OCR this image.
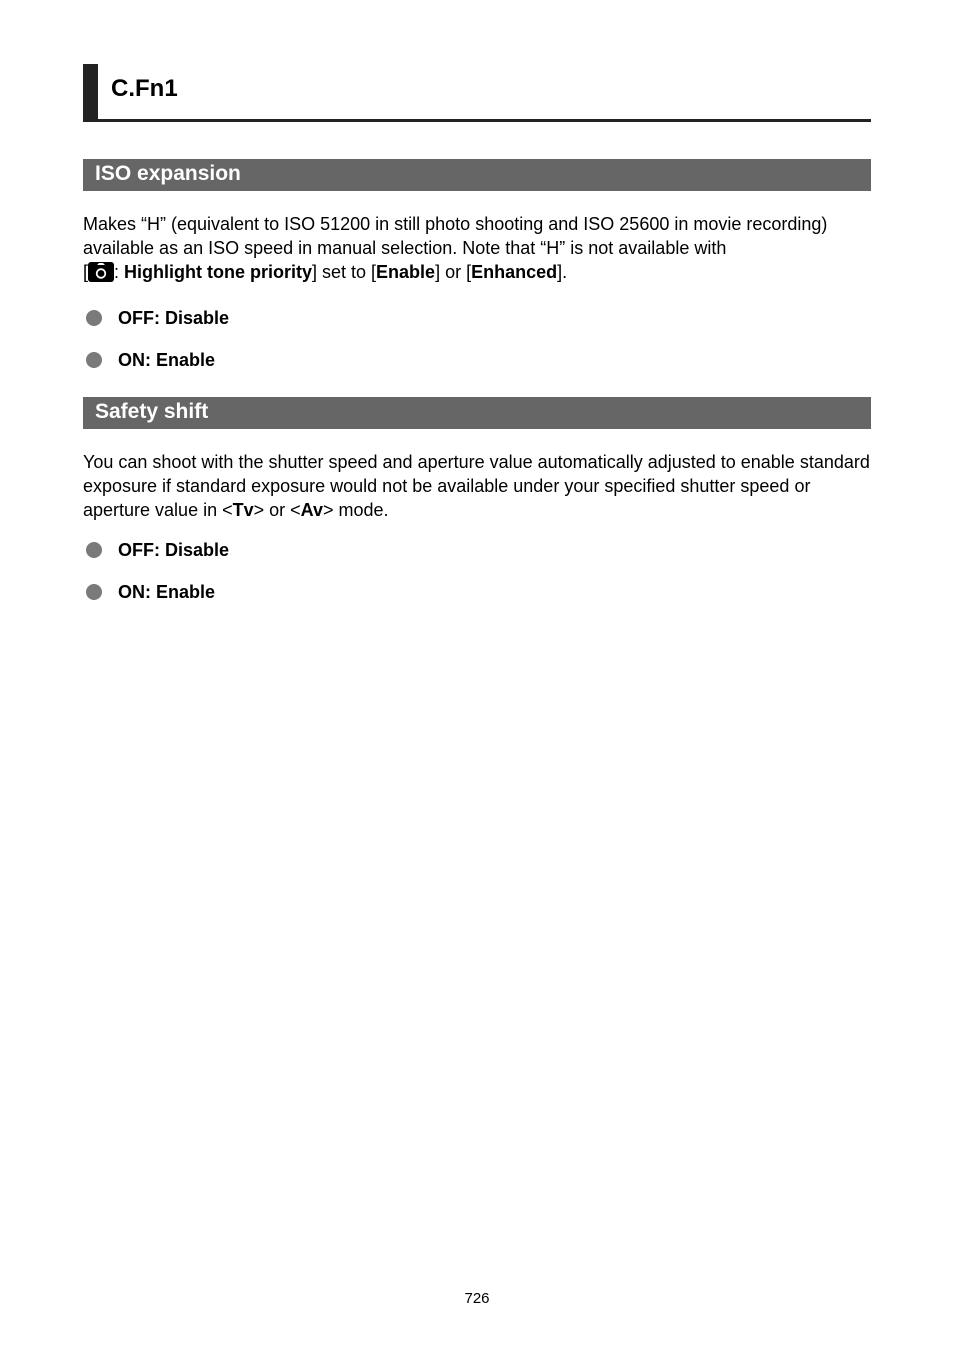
C.Fn1
ISO expansion

Makes “H” (equivalent to ISO 51200 in still photo shooting and ISO 25600 in movie recording) available as an ISO speed in manual selection. Note that “H” is not available with
[ : Highlight tone priority] set to [Enable] or [Enhanced].

OFF: Disable
ON: Enable
Safety shift

You can shoot with the shutter speed and aperture value automatically adjusted to enable standard exposure if standard exposure would not be available under your specified shutter speed or aperture value in <Tv> or <Av> mode.

OFF: Disable
ON: Enable
726
